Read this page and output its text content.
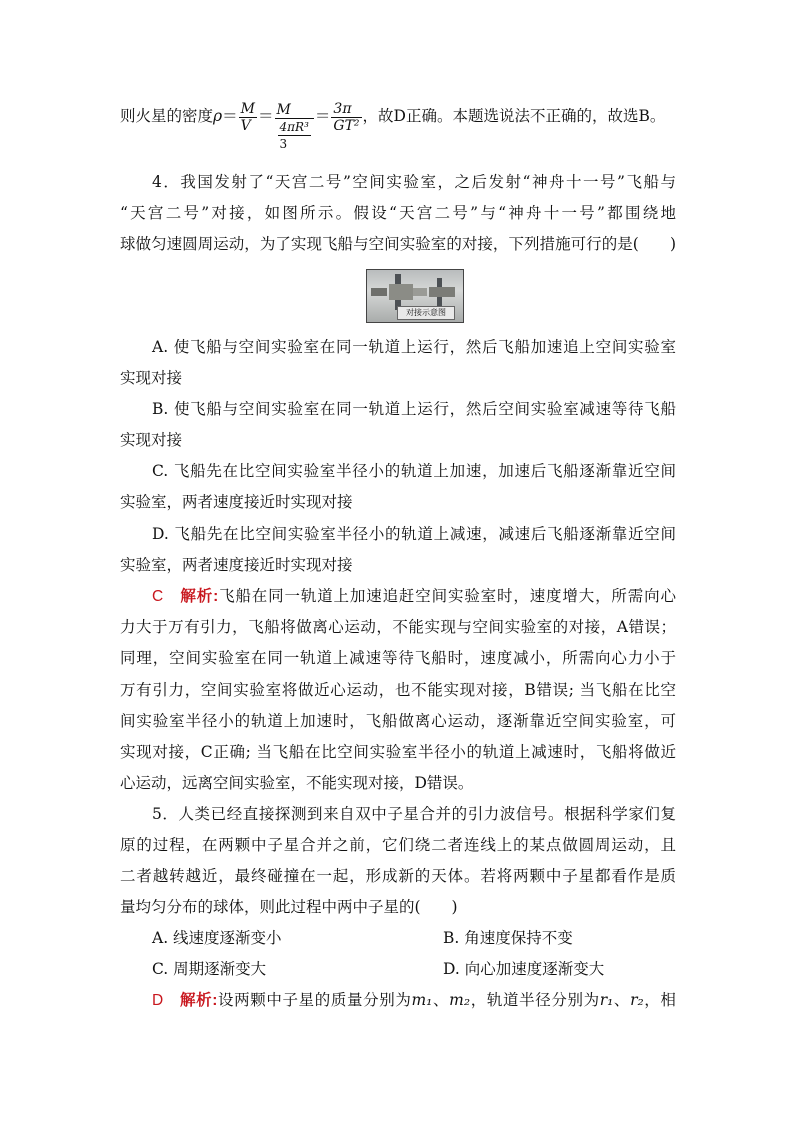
则火星的密度$\rho= \frac{M}{V} = \frac{M}{\frac{\text{4πR³}}{3}} = \frac{3\pi}{\text{GT²}}$ ，故D正确。本题选说法不正确的，故选B。
4．我国发射了“天宫二号”空间实验室，之后发射“神舟十一号”飞船与
“天宫二号”对接，如图所示。假设“天宫二号”与“神舟十一号”都围绕地
球做匀速圆周运动，为了实现飞船与空间实验室的对接，下列措施可行的是(　　)
对接示意图
A. 使飞船与空间实验室在同一轨道上运行，然后飞船加速追上空间实验室
实现对接
B. 使飞船与空间实验室在同一轨道上运行，然后空间实验室减速等待飞船
实现对接
C. 飞船先在比空间实验室半径小的轨道上加速，加速后飞船逐渐靠近空间
实验室，两者速度接近时实现对接
D. 飞船先在比空间实验室半径小的轨道上减速，减速后飞船逐渐靠近空间
实验室，两者速度接近时实现对接
C　 解析:飞船在同一轨道上加速追赶空间实验室时，速度增大，所需向心
力大于万有引力，飞船将做离心运动，不能实现与空间实验室的对接，A错误；
同理，空间实验室在同一轨道上减速等待飞船时，速度减小，所需向心力小于
万有引力，空间实验室将做近心运动，也不能实现对接，B错误; 当飞船在比空
间实验室半径小的轨道上加速时，飞船做离心运动，逐渐靠近空间实验室，可
实现对接，C正确; 当飞船在比空间实验室半径小的轨道上减速时，飞船将做近
心运动，远离空间实验室，不能实现对接，D错误。
5．人类已经直接探测到来自双中子星合并的引力波信号。根据科学家们复
原的过程，在两颗中子星合并之前，它们绕二者连线上的某点做圆周运动，且
二者越转越近，最终碰撞在一起，形成新的天体。若将两颗中子星都看作是质
量均匀分布的球体，则此过程中两中子星的(　　)
A. 线速度逐渐变小	B. 角速度保持不变
C. 周期逐渐变大	D. 向心加速度逐渐变大
D　 解析:设两颗中子星的质量分别为m₁、m₂，轨道半径分别为r₁、r₂，相
